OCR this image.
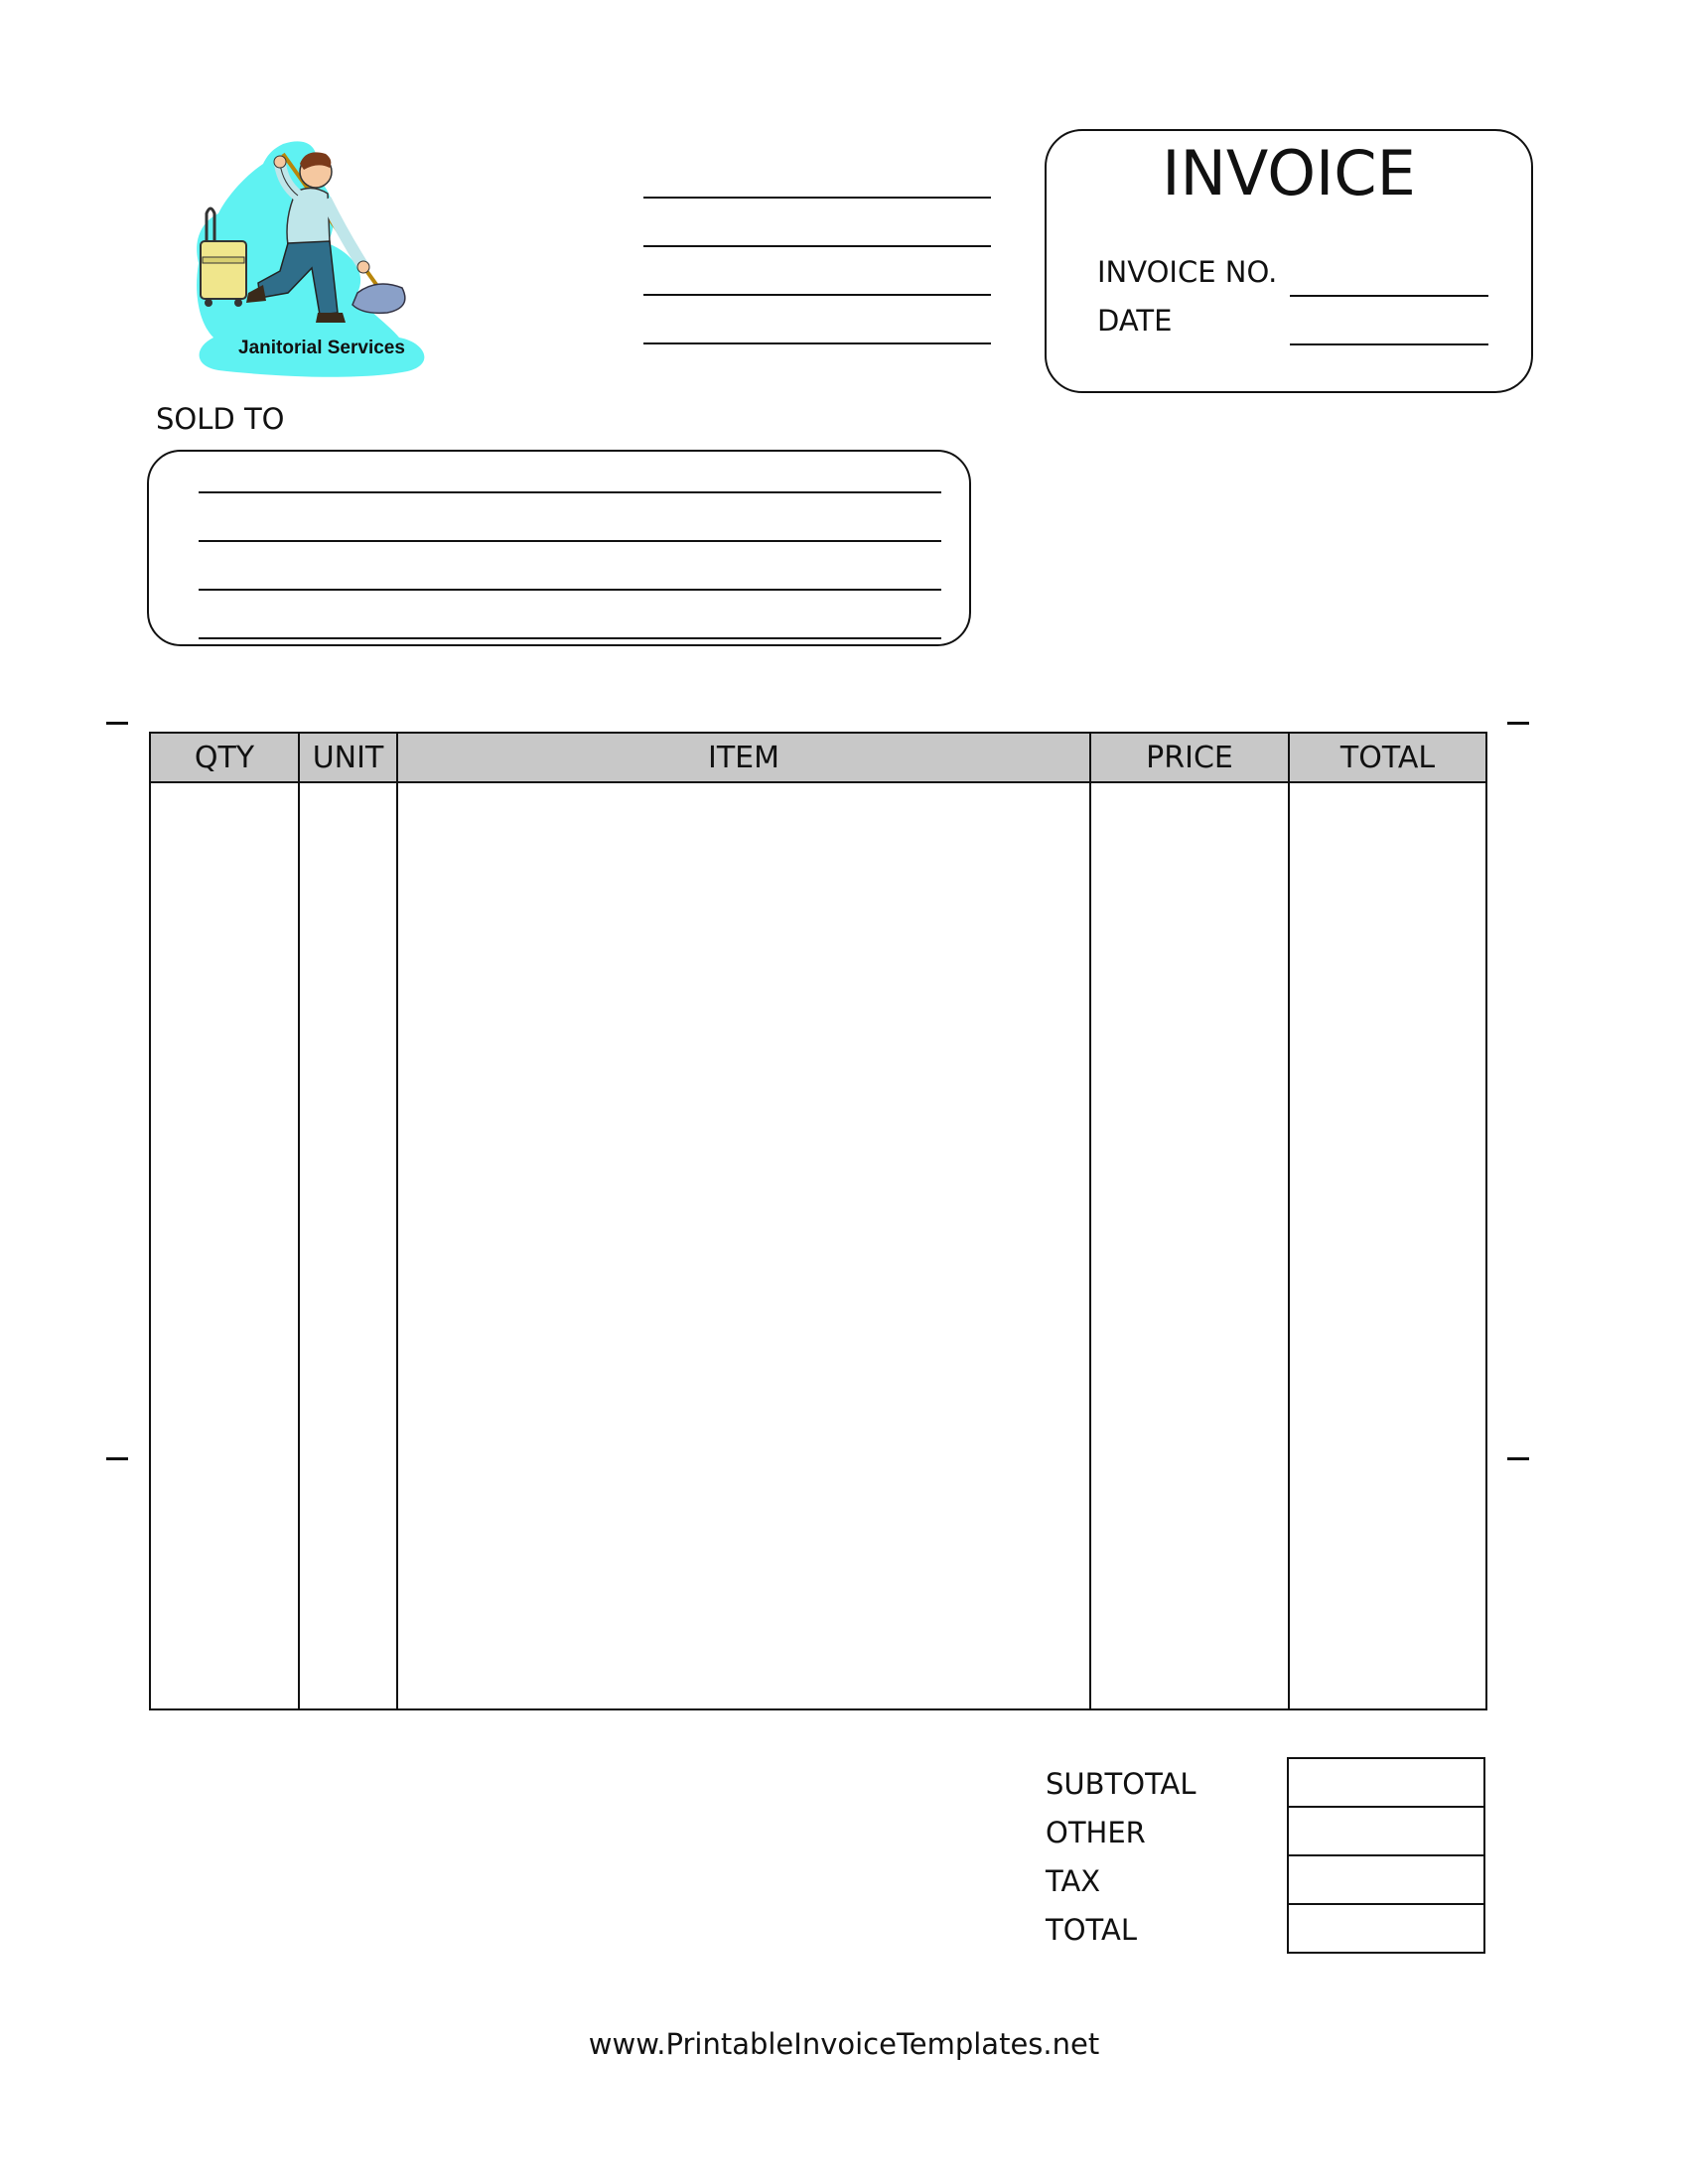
Janitorial Services
INVOICE
INVOICE NO.
DATE
SOLD TO
QTY	UNIT	ITEM	PRICE	TOTAL

SUBTOTAL
OTHER
TAX
TOTAL

www.PrintableInvoiceTemplates.net
